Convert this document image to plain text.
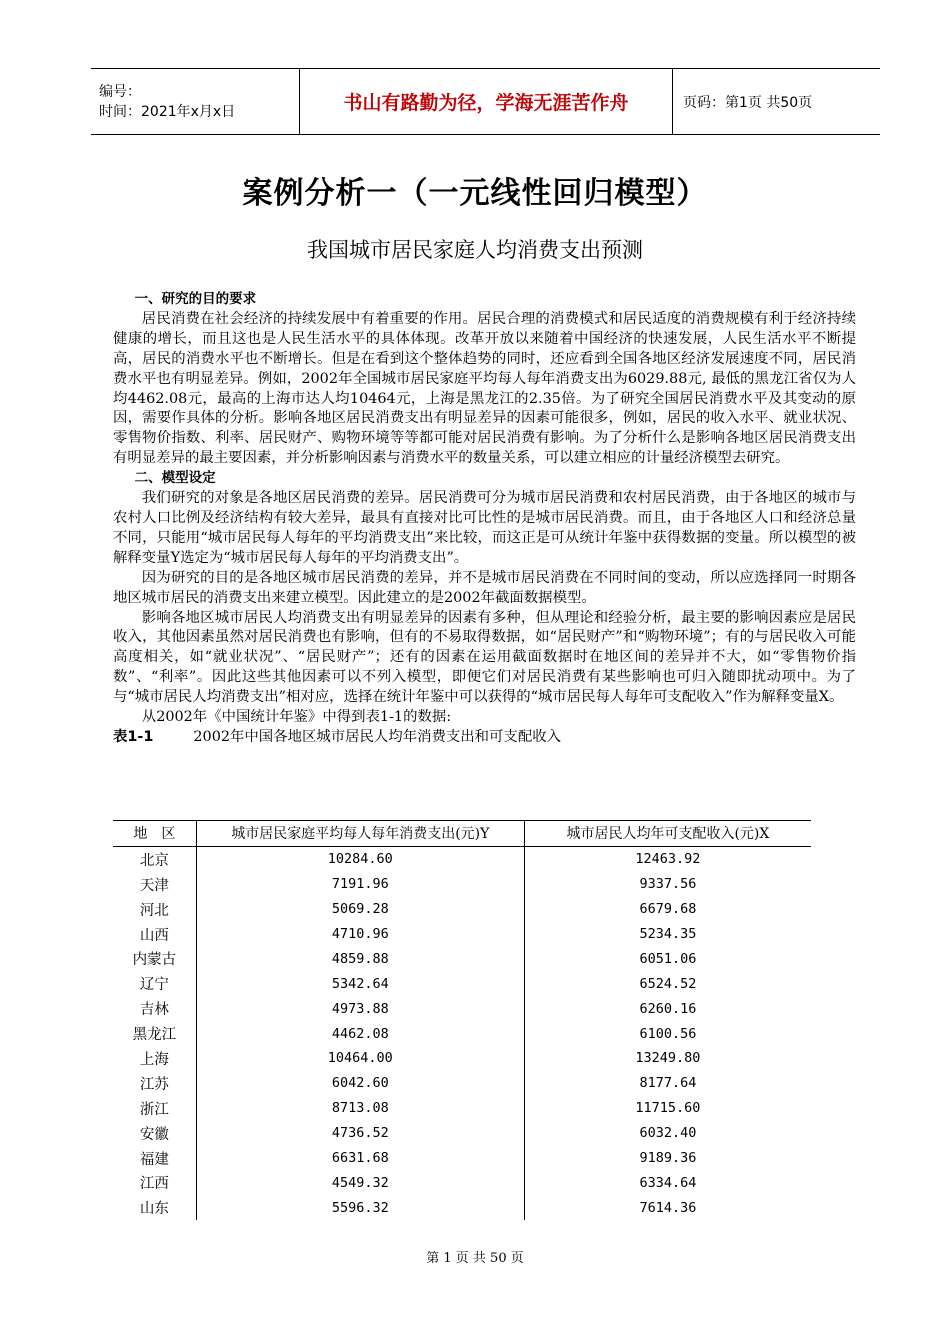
编号：
时间：2021年x月x日	书山有路勤为径，学海无涯苦作舟	页码：第1页 共50页
案例分析一（一元线性回归模型）
我国城市居民家庭人均消费支出预测

一、研究的目的要求

居民消费在社会经济的持续发展中有着重要的作用。居民合理的消费模式和居民适度的消费规模有利于经济持续健康的增长，而且这也是人民生活水平的具体体现。改革开放以来随着中国经济的快速发展，人民生活水平不断提高，居民的消费水平也不断增长。但是在看到这个整体趋势的同时，还应看到全国各地区经济发展速度不同，居民消费水平也有明显差异。例如，2002年全国城市居民家庭平均每人每年消费支出为6029.88元, 最低的黑龙江省仅为人均4462.08元，最高的上海市达人均10464元，上海是黑龙江的2.35倍。为了研究全国居民消费水平及其变动的原因，需要作具体的分析。影响各地区居民消费支出有明显差异的因素可能很多，例如，居民的收入水平、就业状况、零售物价指数、利率、居民财产、购物环境等等都可能对居民消费有影响。为了分析什么是影响各地区居民消费支出有明显差异的最主要因素，并分析影响因素与消费水平的数量关系，可以建立相应的计量经济模型去研究。

二、模型设定

我们研究的对象是各地区居民消费的差异。居民消费可分为城市居民消费和农村居民消费，由于各地区的城市与农村人口比例及经济结构有较大差异，最具有直接对比可比性的是城市居民消费。而且，由于各地区人口和经济总量不同，只能用“城市居民每人每年的平均消费支出”来比较，而这正是可从统计年鉴中获得数据的变量。所以模型的被解释变量Y选定为“城市居民每人每年的平均消费支出”。

因为研究的目的是各地区城市居民消费的差异，并不是城市居民消费在不同时间的变动，所以应选择同一时期各地区城市居民的消费支出来建立模型。因此建立的是2002年截面数据模型。

影响各地区城市居民人均消费支出有明显差异的因素有多种，但从理论和经验分析，最主要的影响因素应是居民收入，其他因素虽然对居民消费也有影响，但有的不易取得数据，如“居民财产”和“购物环境”；有的与居民收入可能高度相关，如“就业状况”、“居民财产”；还有的因素在运用截面数据时在地区间的差异并不大，如“零售物价指数”、“利率”。因此这些其他因素可以不列入模型，即便它们对居民消费有某些影响也可归入随即扰动项中。为了与“城市居民人均消费支出”相对应，选择在统计年鉴中可以获得的“城市居民每人每年可支配收入”作为解释变量X。

从2002年《中国统计年鉴》中得到表1-1的数据:

表1-1	2002年中国各地区城市居民人均年消费支出和可支配收入

地　区	城市居民家庭平均每人每年消费支出(元)Y	城市居民人均年可支配收入(元)X
北京	10284.60	12463.92
天津	7191.96	9337.56
河北	5069.28	6679.68
山西	4710.96	5234.35
内蒙古	4859.88	6051.06
辽宁	5342.64	6524.52
吉林	4973.88	6260.16
黑龙江	4462.08	6100.56
上海	10464.00	13249.80
江苏	6042.60	8177.64
浙江	8713.08	11715.60
安徽	4736.52	6032.40
福建	6631.68	9189.36
江西	4549.32	6334.64
山东	5596.32	7614.36
第 1 页 共 50 页
